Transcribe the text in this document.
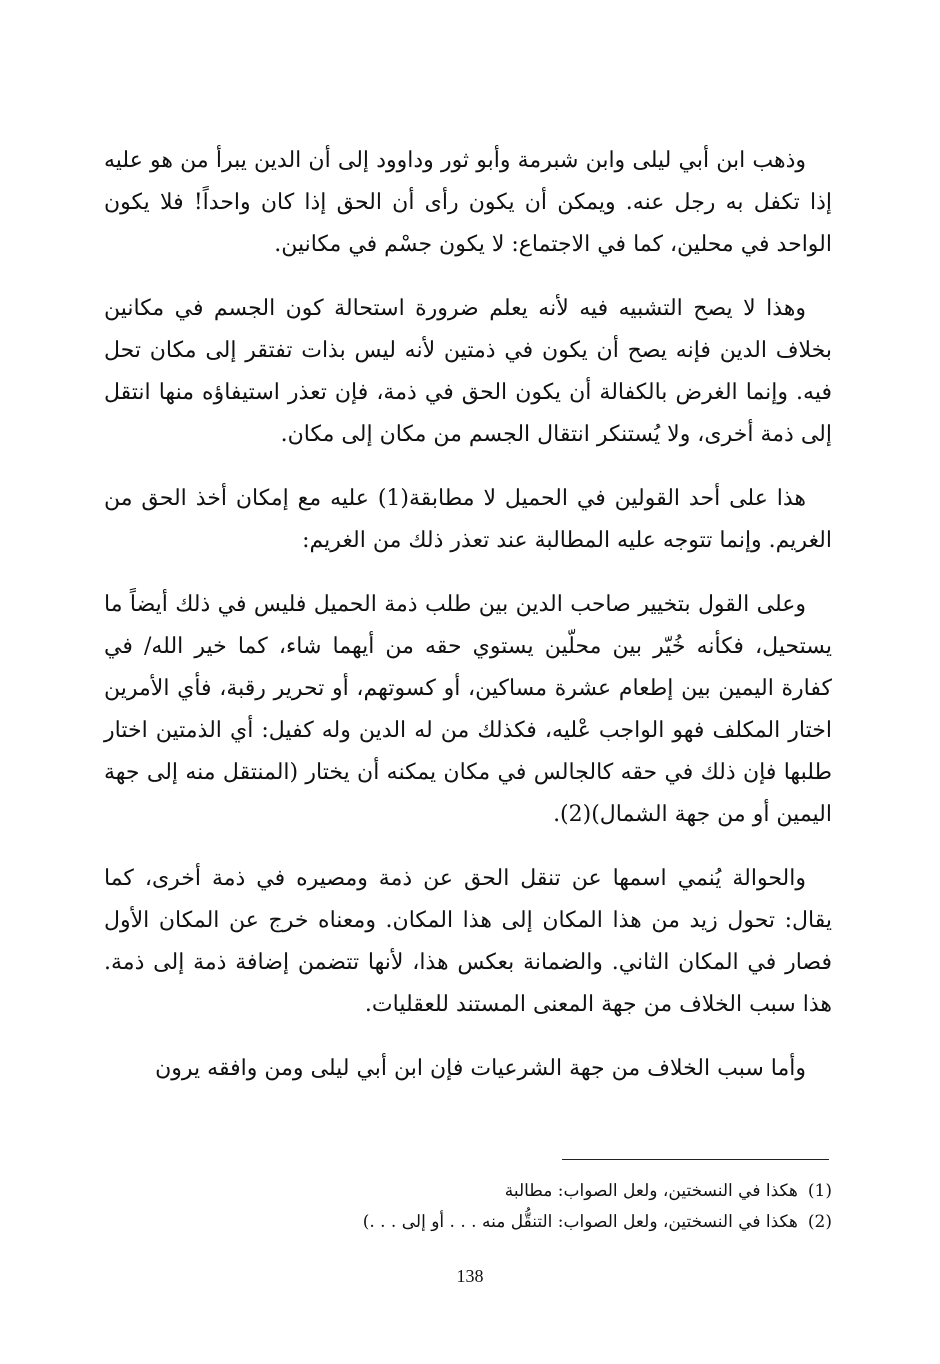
وذهب ابن أبي ليلى وابن شبرمة وأبو ثور وداوود إلى أن الدين يبرأ من هو عليه إذا تكفل به رجل عنه. ويمكن أن يكون رأى أن الحق إذا كان واحداً! فلا يكون الواحد في محلين، كما في الاجتماع: لا يكون جسْم في مكانين.

وهذا لا يصح التشبيه فيه لأنه يعلم ضرورة استحالة كون الجسم في مكانين بخلاف الدين فإنه يصح أن يكون في ذمتين لأنه ليس بذات تفتقر إلى مكان تحل فيه. وإنما الغرض بالكفالة أن يكون الحق في ذمة، فإن تعذر استيفاؤه منها انتقل إلى ذمة أخرى، ولا يُستنكر انتقال الجسم من مكان إلى مكان.

هذا على أحد القولين في الحميل لا مطابقة(1) عليه مع إمكان أخذ الحق من الغريم. وإنما تتوجه عليه المطالبة عند تعذر ذلك من الغريم:

وعلى القول بتخيير صاحب الدين بين طلب ذمة الحميل فليس في ذلك أيضاً ما يستحيل، فكأنه خُيّر بين محلّين يستوي حقه من أيهما شاء، كما خير الله/ في كفارة اليمين بين إطعام عشرة مساكين، أو كسوتهم، أو تحرير رقبة، فأي الأمرين اختار المكلف فهو الواجب عْليه، فكذلك من له الدين وله كفيل: أي الذمتين اختار طلبها فإن ذلك في حقه كالجالس في مكان يمكنه أن يختار (المنتقل منه إلى جهة اليمين أو من جهة الشمال)(2).

والحوالة يُنمي اسمها عن تنقل الحق عن ذمة ومصيره في ذمة أخرى، كما يقال: تحول زيد من هذا المكان إلى هذا المكان. ومعناه خرج عن المكان الأول فصار في المكان الثاني. والضمانة بعكس هذا، لأنها تتضمن إضافة ذمة إلى ذمة. هذا سبب الخلاف من جهة المعنى المستند للعقليات.

وأما سبب الخلاف من جهة الشرعيات فإن ابن أبي ليلى ومن وافقه يرون

(1)هكذا في النسختين، ولعل الصواب: مطالبة

(2)هكذا في النسختين، ولعل الصواب: التنقُّل منه . . . أو إلى . . .)

138
